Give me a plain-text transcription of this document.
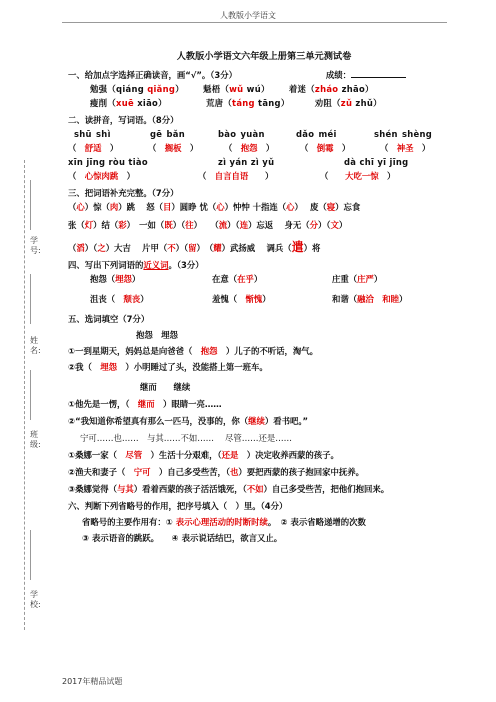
人教版小学语文
学号:
姓名:
班级:
学校:
人教版小学语文六年级上册第三单元测试卷
一、给加点字选择正确读音，画“√”。（3分）	成绩：
勉强（qiáng qiǎng） 魁梧（wǔ wú） 着迷（zháo zhāo）
瘦削（xuē xiāo）	荒唐（táng tāng）	劝阻（zǔ zhǔ）
二、读拼音，写词语。（8分）
shū shì	gē bǎn	bào yuàn	dǎo méi	shén shèng
（　舒适　）	（　搁板　）	（　抱怨　）	（　倒霉　）	（　神圣　）
xīn jīng ròu tiào	zì yán zì yǔ	dà chī yī jīng
（　心惊肉跳　）	（　自言自语　　）	（　　大吃一惊　）
三、把词语补充完整。（7分）
（心）惊（肉）跳　 怒（目）圆睁 忧（心）忡忡 十指连（心）　 废（寝）忘食
张（灯）结（彩）　一如（既）（往）　　（流）（连）忘返　 身无（分）（文）
（滔）（之）大吉　 片甲（不）（留）　（耀）武扬威　 调兵（遣）将
四、写出下列词语的近义词。（3分）
抱怨（埋怨）	在意（在乎）	庄重（庄严）
沮丧（　颓丧）	羞愧（　惭愧）	和谐（融洽　 和睦）
五、选词填空（7分）
抱怨　埋怨
①一到星期天，妈妈总是向爸爸（　 抱怨　 ）儿子的不听话，淘气。
②我（　 埋怨　 ）小明睡过了头，没能搭上第一班车。
继而　　继续
①他先是一愣，（　 继而　 ）眼睛一亮……
②“我知道你希望真有那么一匹马，没事的，你（继续）看书吧。”
宁可……也……　与其……不如……　 尽管……还是……
①桑娜一家（　 尽管　 ）生活十分艰难，（还是　 ）决定收养西蒙的孩子。
②渔夫和妻子（　 宁可　 ）自己多受些苦，（也）要把西蒙的孩子抱回家中抚养。
③桑娜觉得（与其）看着西蒙的孩子活活饿死，（不如）自己多受些苦，把他们抱回来。
六、判断下列省略号的作用，把序号填入（　）里。（4分）
省略号的主要作用有：① 表示心理活动的时断时续。　② 表示省略递增的次数
③ 表示语音的跳跃。　　④ 表示说话结巴，欲言又止。
2017年精品试题
